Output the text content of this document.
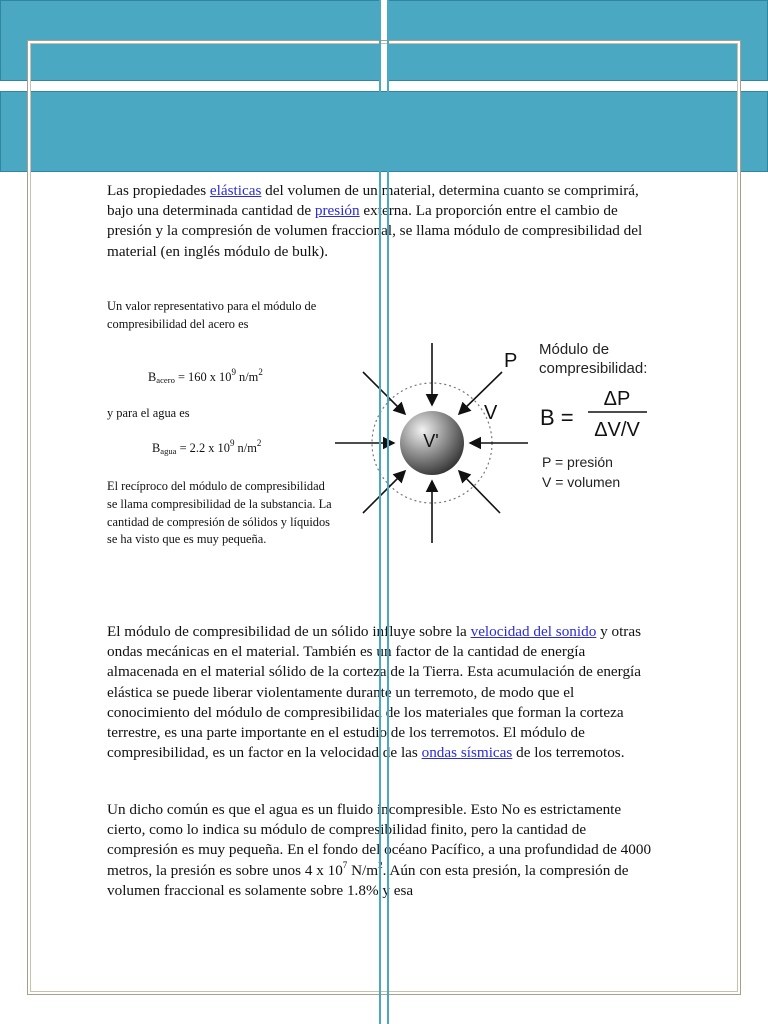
Las propiedades elásticas del volumen de un material, determina cuanto se comprimirá, bajo una determinada cantidad de presión externa. La proporción entre el cambio de presión y la compresión de volumen fraccional, se llama módulo de compresibilidad del material (en inglés módulo de bulk).

Un valor representativo para el módulo de compresibilidad del acero es

Bacero = 160 x $10^9$ $n/m^2$

y para el agua es

Bagua = 2.2 x $10^9$ $n/m^2$

El recíproco del módulo de compresibilidad se llama compresibilidad de la substancia. La cantidad de compresión de sólidos y líquidos se ha visto que es muy pequeña.

V'
P
V
Módulo de
compresibilidad:
B =
ΔP
ΔV/V
P = presión
V = volumen

El módulo de compresibilidad de un sólido influye sobre la velocidad del sonido y otras ondas mecánicas en el material. También es un factor de la cantidad de energía almacenada en el material sólido de la corteza de la Tierra. Esta acumulación de energía elástica se puede liberar violentamente durante un terremoto, de modo que el conocimiento del módulo de compresibilidad de los materiales que forman la corteza terrestre, es una parte importante en el estudio de los terremotos. El módulo de compresibilidad, es un factor en la velocidad de las ondas sísmicas de los terremotos.

Un dicho común es que el agua es un fluido incompresible. Esto No es estrictamente cierto, como lo indica su módulo de compresibilidad finito, pero la cantidad de compresión es muy pequeña. En el fondo del océano Pacífico, a una profundidad de 4000 metros, la presión es sobre unos 4 x $10^7$ $N/m^2$. Aún con esta presión, la compresión de volumen fraccional es solamente sobre 1.8% y esa
